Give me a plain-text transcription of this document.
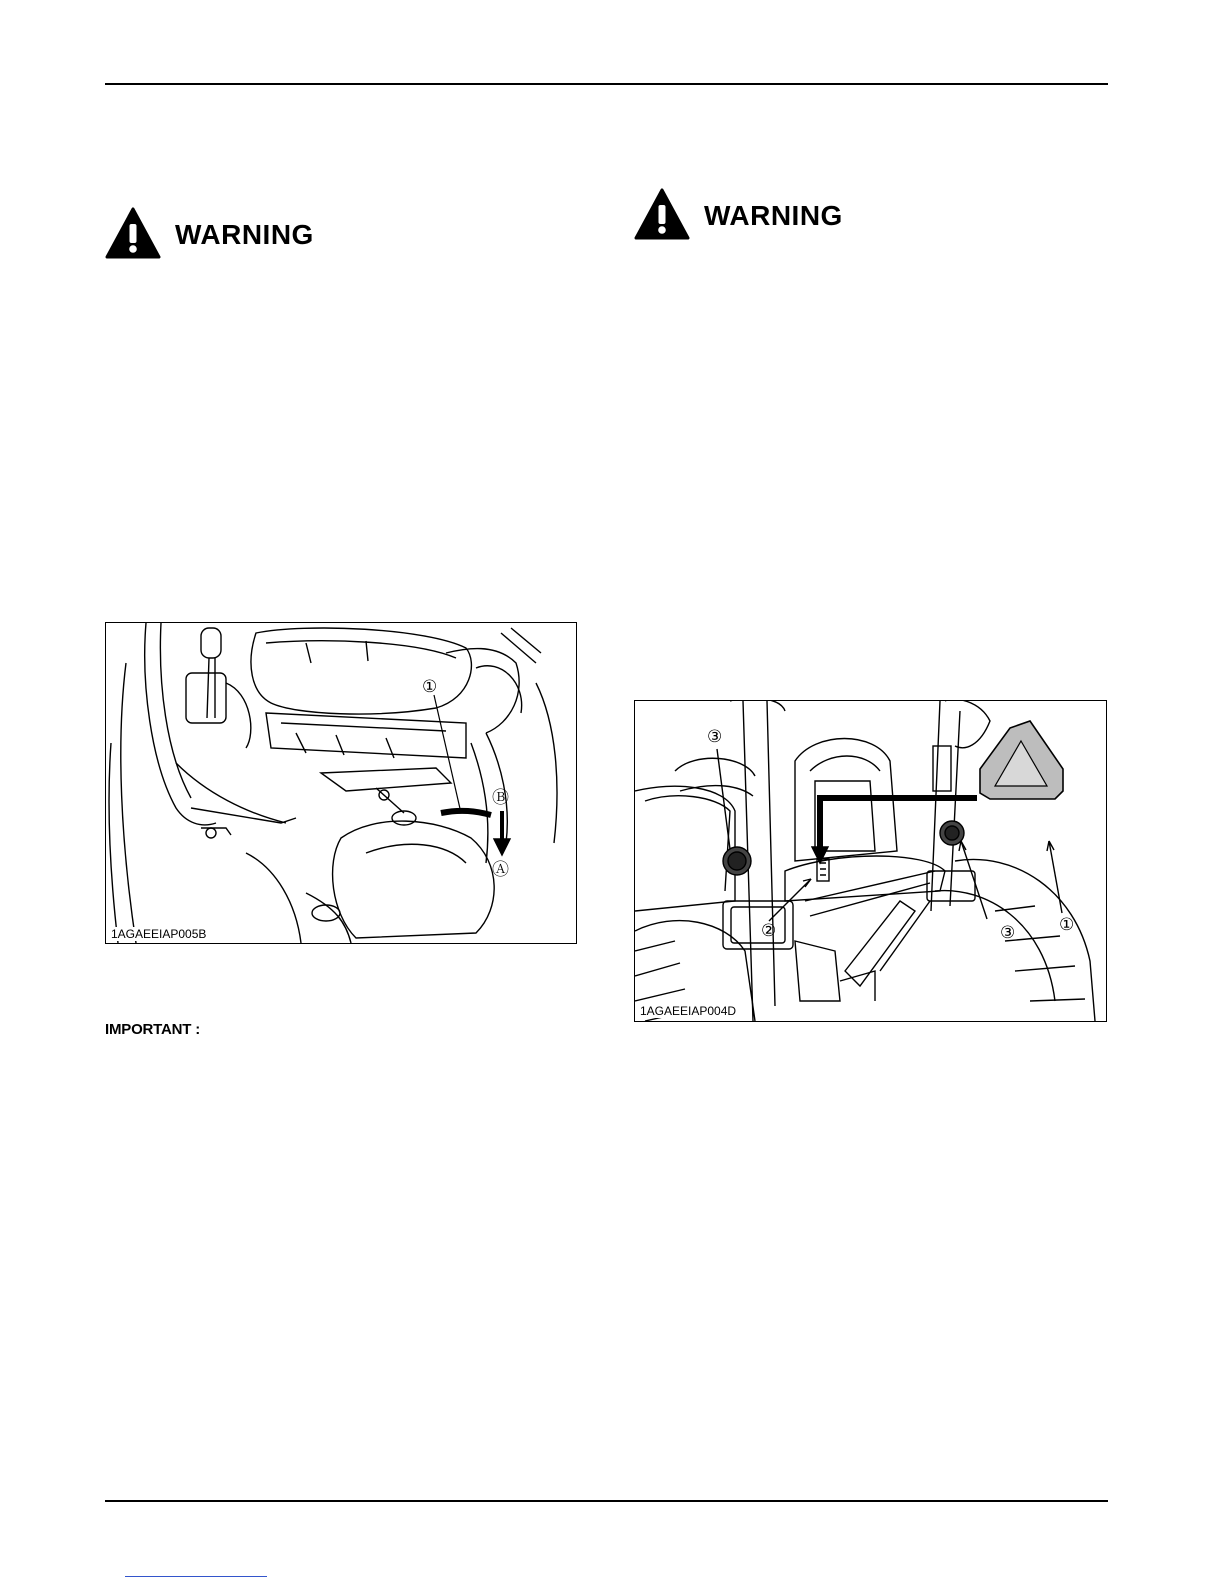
WARNING
WARNING
①
Ⓑ
Ⓐ
1AGAEEIAP005B
IMPORTANT :
③
②	③	①
1AGAEEIAP004D
